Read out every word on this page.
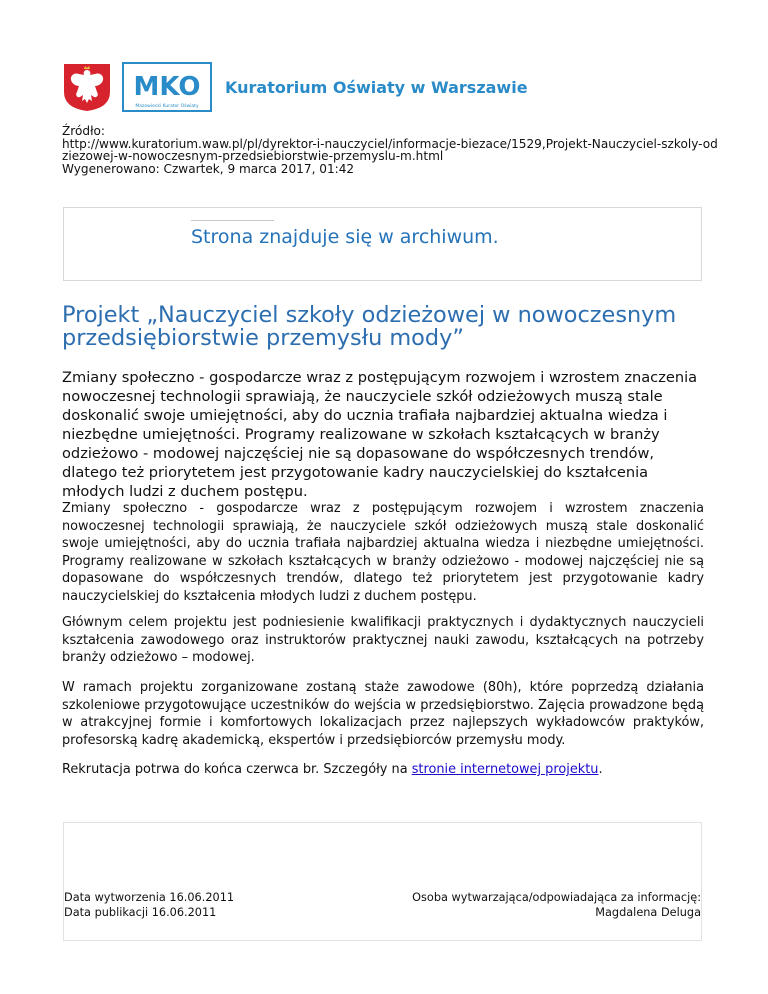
MKO
Mazowiecki Kurator Oświaty
Kuratorium Oświaty w Warszawie
Źródło:
http://www.kuratorium.waw.pl/pl/dyrektor-i-nauczyciel/informacje-biezace/1529,Projekt-Nauczyciel-szkoly-odziezowej-w-nowoczesnym-przedsiebiorstwie-przemyslu-m.html
Wygenerowano: Czwartek, 9 marca 2017, 01:42
Strona znajduje się w archiwum.
Projekt „Nauczyciel szkoły odzieżowej w nowoczesnym przedsiębiorstwie przemysłu mody”
Zmiany społeczno - gospodarcze wraz z postępującym rozwojem i wzrostem znaczenia nowoczesnej technologii sprawiają, że nauczyciele szkół odzieżowych muszą stale doskonalić swoje umiejętności, aby do ucznia trafiała najbardziej aktualna wiedza i niezbędne umiejętności. Programy realizowane w szkołach kształcących w branży odzieżowo - modowej najczęściej nie są dopasowane do współczesnych trendów, dlatego też priorytetem jest przygotowanie kadry nauczycielskiej do kształcenia młodych ludzi z duchem postępu.
Zmiany społeczno - gospodarcze wraz z postępującym rozwojem i wzrostem znaczenia nowoczesnej technologii sprawiają, że nauczyciele szkół odzieżowych muszą stale doskonalić swoje umiejętności, aby do ucznia trafiała najbardziej aktualna wiedza i niezbędne umiejętności. Programy realizowane w szkołach kształcących w branży odzieżowo - modowej najczęściej nie są dopasowane do współczesnych trendów, dlatego też priorytetem jest przygotowanie kadry nauczycielskiej do kształcenia młodych ludzi z duchem postępu.
Głównym celem projektu jest podniesienie kwalifikacji praktycznych i dydaktycznych nauczycieli kształcenia zawodowego oraz instruktorów praktycznej nauki zawodu, kształcących na potrzeby branży odzieżowo – modowej.
W ramach projektu zorganizowane zostaną staże zawodowe (80h), które poprzedzą działania szkoleniowe przygotowujące uczestników do wejścia w przedsiębiorstwo. Zajęcia prowadzone będą w atrakcyjnej formie i komfortowych lokalizacjach przez najlepszych wykładowców praktyków, profesorską kadrę akademicką, ekspertów i przedsiębiorców przemysłu mody.
Rekrutacja potrwa do końca czerwca br. Szczegóły na stronie internetowej projektu.
Data wytworzenia 16.06.2011
Data publikacji 16.06.2011
Osoba wytwarzająca/odpowiadająca za informację:
Magdalena Deluga
